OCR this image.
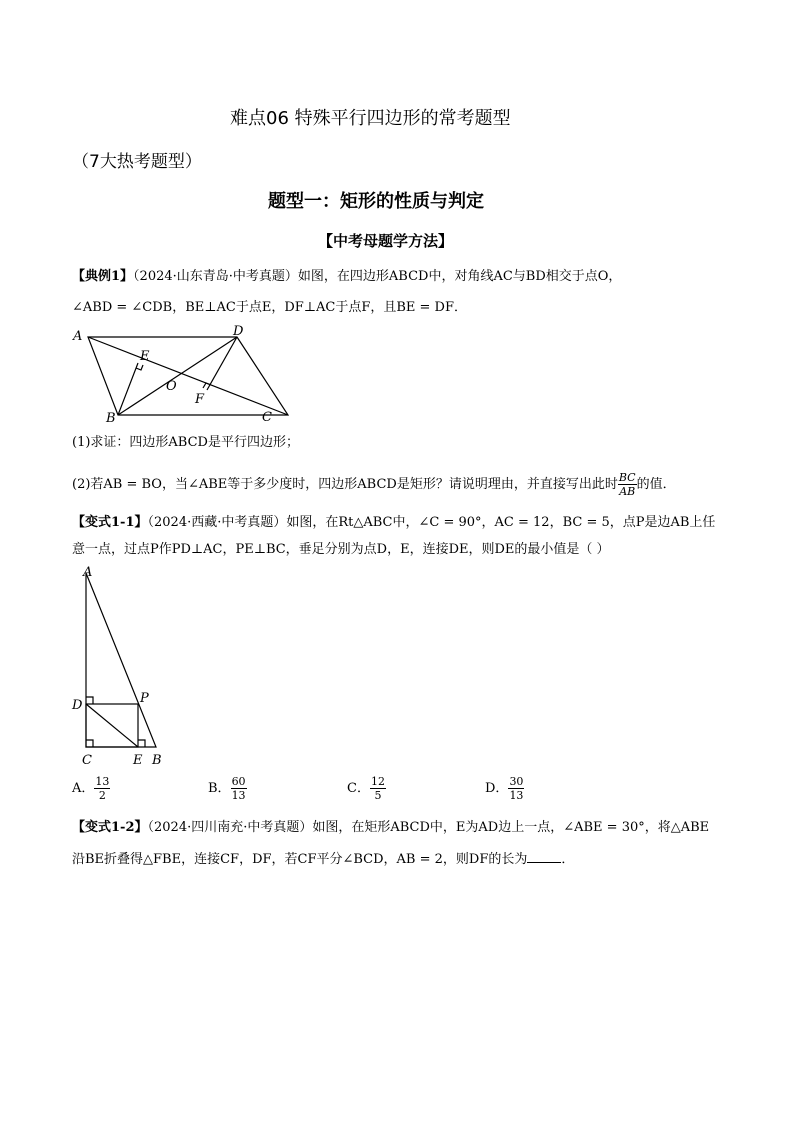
难点06 特殊平行四边形的常考题型
（7大热考题型）
题型一：矩形的性质与判定
【中考母题学方法】
【典例1】（2024·山东青岛·中考真题）如图，在四边形ABCD中，对角线AC与BD相交于点O，
∠ABD = ∠CDB，BE⊥AC于点E，DF⊥AC于点F，且BE = DF．
A	D
B	C
E
O
F
(1)求证：四边形ABCD是平行四边形；
(2)若AB = BO，当∠ABE等于多少度时，四边形ABCD是矩形？请说明理由，并直接写出此时 $\frac{BC}{AB}$ 的值．
【变式1-1】（2024·西藏·中考真题）如图，在Rt△ABC中，∠C = 90°，AC = 12，BC = 5，点P是边AB上任
意一点，过点P作PD⊥AC，PE⊥BC，垂足分别为点D，E，连接DE，则DE的最小值是（ ）
A
D	P
C	E B
A． $\frac{13}{2}$	B． $\frac{60}{13}$	C． $\frac{12}{5}$	D． $\frac{30}{13}$
【变式1-2】（2024·四川南充·中考真题）如图，在矩形ABCD中，E为AD边上一点，∠ABE = 30°，将△ABE
沿BE折叠得△FBE，连接CF，DF，若CF平分∠BCD，AB = 2，则DF的长为	．
